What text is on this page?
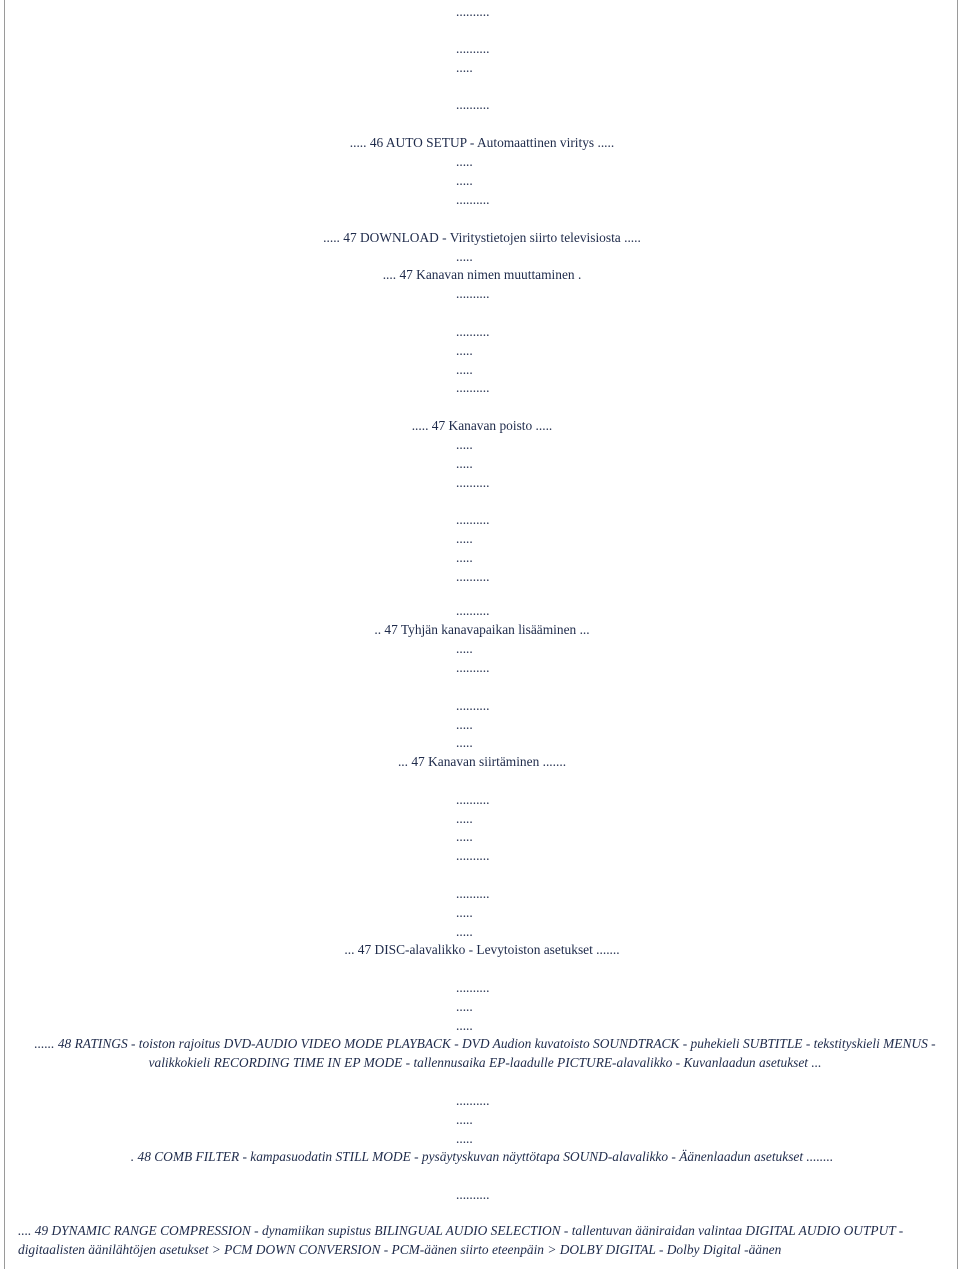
..........
..........
.....
..........
..... 46 AUTO SETUP - Automaattinen viritys .....
.....
.....
..........
..... 47 DOWNLOAD - Viritystietojen siirto televisiosta .....
.....
.... 47 Kanavan nimen muuttaminen .
..........
..........
.....
.....
..........
..... 47 Kanavan poisto .....
.....
.....
..........
..........
.....
.....
..........
..........
.. 47 Tyhjän kanavapaikan lisääminen ...
.....
..........
..........
.....
.....
... 47 Kanavan siirtäminen .......
..........
.....
.....
..........
..........
.....
.....
... 47 DISC-alavalikko - Levytoiston asetukset .......
..........
.....
.....
..........
.....
.....
..........
...... 48 RATINGS - toiston rajoitus DVD-AUDIO VIDEO MODE PLAYBACK - DVD Audion kuvatoisto SOUNDTRACK - puhekieli SUBTITLE - tekstityskieli MENUS - valikkokieli RECORDING TIME IN EP MODE - tallennusaika EP-laadulle PICTURE-alavalikko - Kuvanlaadun asetukset ...
. 48 COMB FILTER - kampasuodatin STILL MODE - pysäytyskuvan näyttötapa SOUND-alavalikko - Äänenlaadun asetukset ........
.... 49 DYNAMIC RANGE COMPRESSION - dynamiikan supistus BILINGUAL AUDIO SELECTION - tallentuvan ääniraidan valintaa DIGITAL AUDIO OUTPUT - digitaalisten äänilähtöjen asetukset > PCM DOWN CONVERSION - PCM-äänen siirto eteenpäin > DOLBY DIGITAL - Dolby Digital -äänen
